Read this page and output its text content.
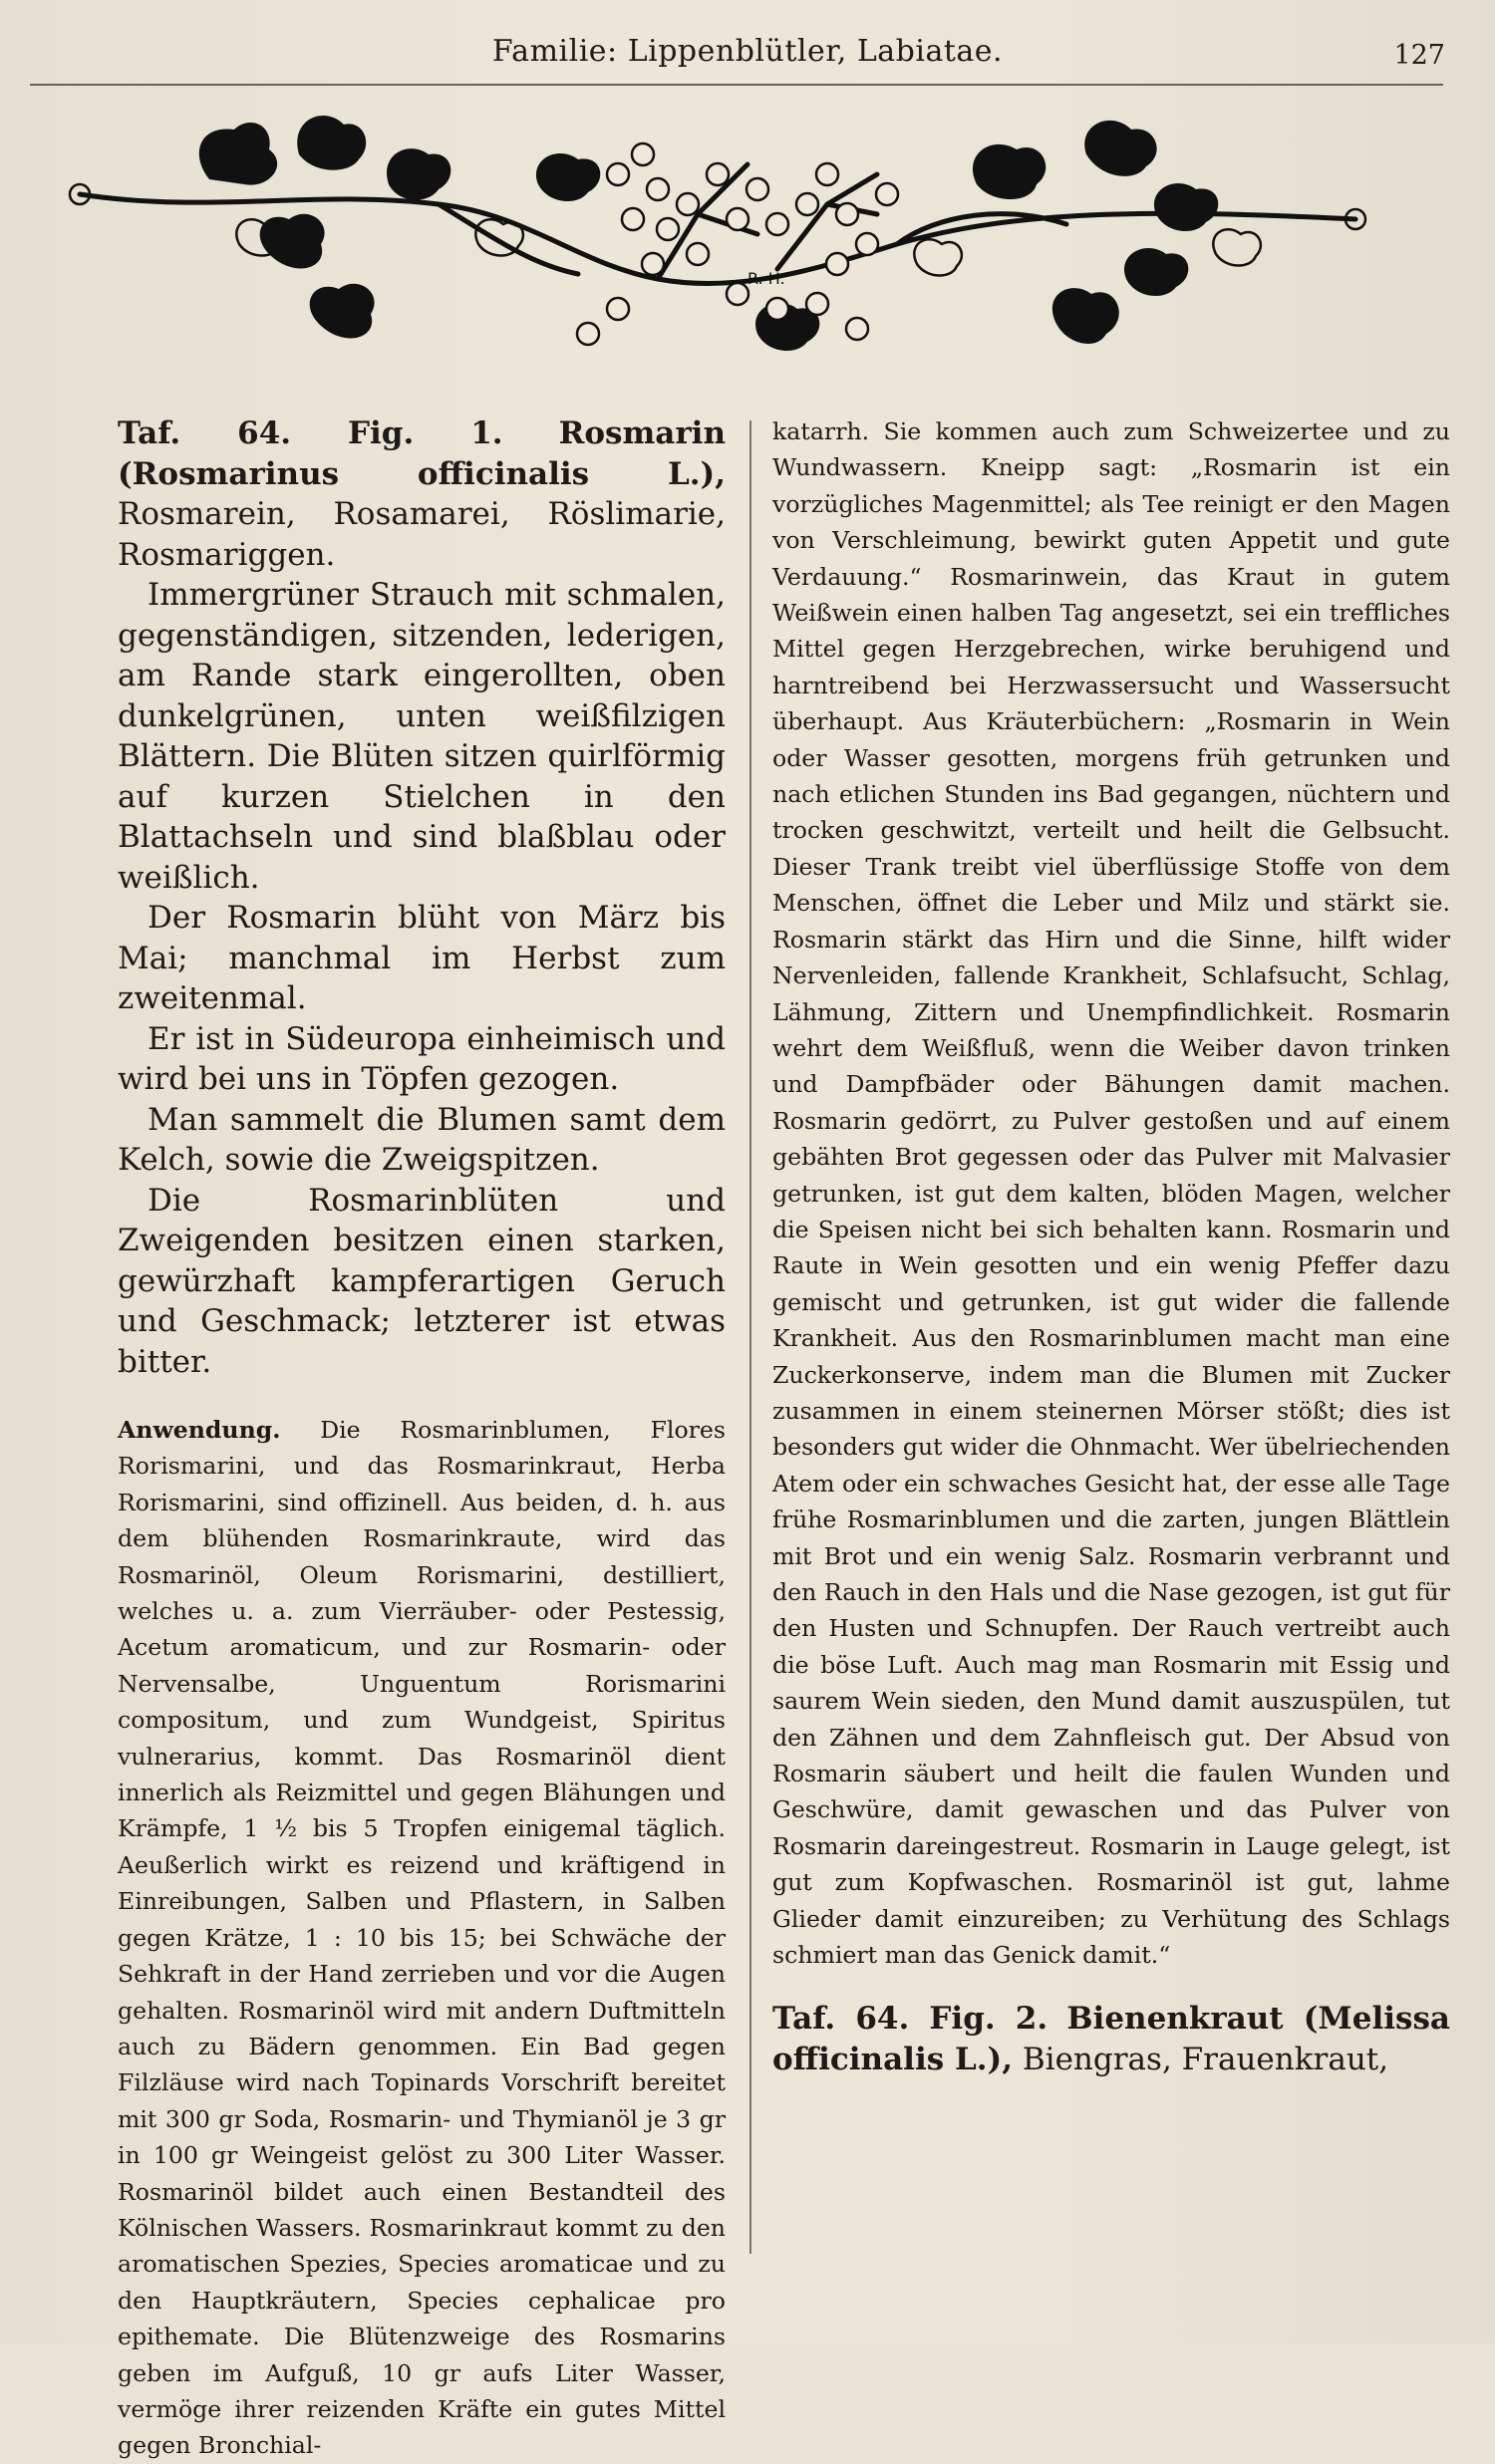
Familie: Lippenblütler, Labiatae.	127
R. H.

Taf. 64. Fig. 1. Rosmarin (Rosmarinus officinalis L.), Rosmarein, Rosamarei, Röslimarie, Rosmariggen.

Immergrüner Strauch mit schmalen, gegenständigen, sitzenden, lederigen, am Rande stark eingerollten, oben dunkelgrünen, unten weißfilzigen Blättern. Die Blüten sitzen quirlförmig auf kurzen Stielchen in den Blattachseln und sind blaßblau oder weißlich.

Der Rosmarin blüht von März bis Mai; manchmal im Herbst zum zweitenmal.

Er ist in Südeuropa einheimisch und wird bei uns in Töpfen gezogen.

Man sammelt die Blumen samt dem Kelch, sowie die Zweigspitzen.

Die Rosmarinblüten und Zweigenden besitzen einen starken, gewürzhaft kampferartigen Geruch und Geschmack; letzterer ist etwas bitter.

Anwendung. Die Rosmarinblumen, Flores Rorismarini, und das Rosmarinkraut, Herba Rorismarini, sind offizinell. Aus beiden, d. h. aus dem blühenden Rosmarinkraute, wird das Rosmarinöl, Oleum Rorismarini, destilliert, welches u. a. zum Vierräuber- oder Pestessig, Acetum aromaticum, und zur Rosmarin- oder Nervensalbe, Unguentum Rorismarini compositum, und zum Wundgeist, Spiritus vulnerarius, kommt. Das Rosmarinöl dient innerlich als Reizmittel und gegen Blähungen und Krämpfe, 1 ½ bis 5 Tropfen einigemal täglich. Aeußerlich wirkt es reizend und kräftigend in Einreibungen, Salben und Pflastern, in Salben gegen Krätze, 1 : 10 bis 15; bei Schwäche der Sehkraft in der Hand zerrieben und vor die Augen gehalten. Rosmarinöl wird mit andern Duftmitteln auch zu Bädern genommen. Ein Bad gegen Filzläuse wird nach Topinards Vorschrift bereitet mit 300 gr Soda, Rosmarin- und Thymianöl je 3 gr in 100 gr Weingeist gelöst zu 300 Liter Wasser. Rosmarinöl bildet auch einen Bestandteil des Kölnischen Wassers. Rosmarinkraut kommt zu den aromatischen Spezies, Species aromaticae und zu den Hauptkräutern, Species cephalicae pro epithemate. Die Blütenzweige des Rosmarins geben im Aufguß, 10 gr aufs Liter Wasser, vermöge ihrer reizenden Kräfte ein gutes Mittel gegen Bronchial-

katarrh. Sie kommen auch zum Schweizertee und zu Wundwassern. Kneipp sagt: „Rosmarin ist ein vorzügliches Magenmittel; als Tee reinigt er den Magen von Verschleimung, bewirkt guten Appetit und gute Verdauung.“ Rosmarinwein, das Kraut in gutem Weißwein einen halben Tag angesetzt, sei ein treffliches Mittel gegen Herzgebrechen, wirke beruhigend und harntreibend bei Herzwassersucht und Wassersucht überhaupt. Aus Kräuterbüchern: „Rosmarin in Wein oder Wasser gesotten, morgens früh getrunken und nach etlichen Stunden ins Bad gegangen, nüchtern und trocken geschwitzt, verteilt und heilt die Gelbsucht. Dieser Trank treibt viel überflüssige Stoffe von dem Menschen, öffnet die Leber und Milz und stärkt sie. Rosmarin stärkt das Hirn und die Sinne, hilft wider Nervenleiden, fallende Krankheit, Schlafsucht, Schlag, Lähmung, Zittern und Unempfindlichkeit. Rosmarin wehrt dem Weißfluß, wenn die Weiber davon trinken und Dampfbäder oder Bähungen damit machen. Rosmarin gedörrt, zu Pulver gestoßen und auf einem gebähten Brot gegessen oder das Pulver mit Malvasier getrunken, ist gut dem kalten, blöden Magen, welcher die Speisen nicht bei sich behalten kann. Rosmarin und Raute in Wein gesotten und ein wenig Pfeffer dazu gemischt und getrunken, ist gut wider die fallende Krankheit. Aus den Rosmarinblumen macht man eine Zuckerkonserve, indem man die Blumen mit Zucker zusammen in einem steinernen Mörser stößt; dies ist besonders gut wider die Ohnmacht. Wer übelriechenden Atem oder ein schwaches Gesicht hat, der esse alle Tage frühe Rosmarinblumen und die zarten, jungen Blättlein mit Brot und ein wenig Salz. Rosmarin verbrannt und den Rauch in den Hals und die Nase gezogen, ist gut für den Husten und Schnupfen. Der Rauch vertreibt auch die böse Luft. Auch mag man Rosmarin mit Essig und saurem Wein sieden, den Mund damit auszuspülen, tut den Zähnen und dem Zahnfleisch gut. Der Absud von Rosmarin säubert und heilt die faulen Wunden und Geschwüre, damit gewaschen und das Pulver von Rosmarin dareingestreut. Rosmarin in Lauge gelegt, ist gut zum Kopfwaschen. Rosmarinöl ist gut, lahme Glieder damit einzureiben; zu Verhütung des Schlags schmiert man das Genick damit.“

Taf. 64. Fig. 2. Bienenkraut (Melissa officinalis L.), Biengras, Frauenkraut,
